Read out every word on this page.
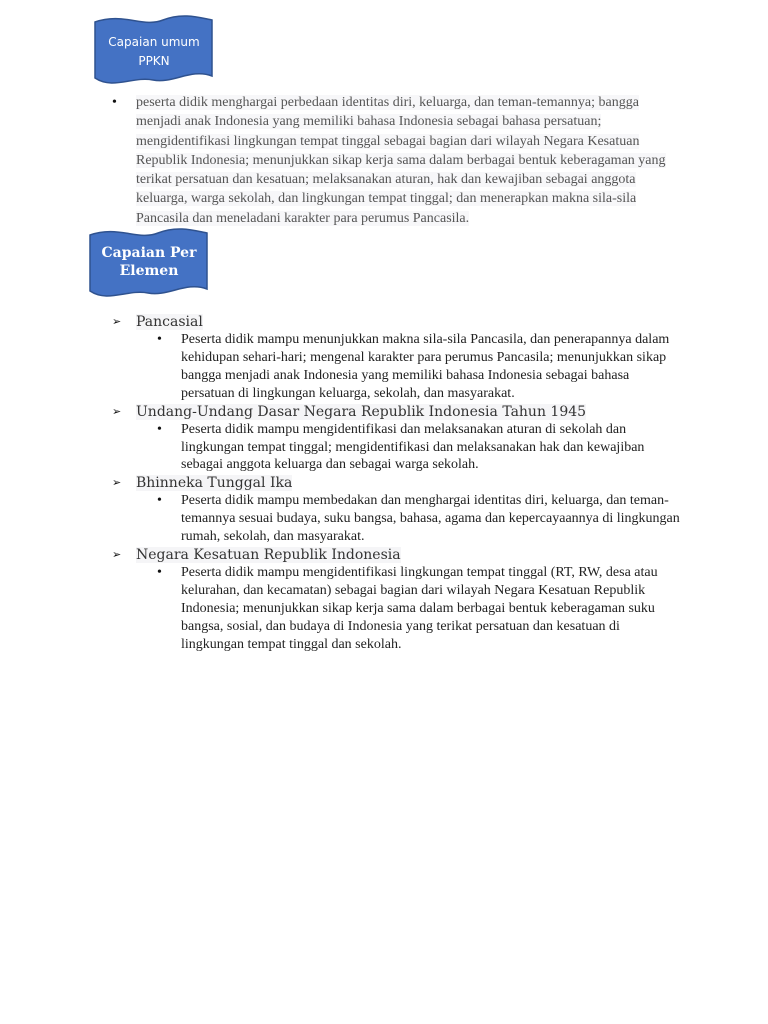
Capaian umum PPKN
• peserta didik menghargai perbedaan identitas diri, keluarga, dan teman-temannya; bangga menjadi anak Indonesia yang memiliki bahasa Indonesia sebagai bahasa persatuan; mengidentifikasi lingkungan tempat tinggal sebagai bagian dari wilayah Negara Kesatuan Republik Indonesia; menunjukkan sikap kerja sama dalam berbagai bentuk keberagaman yang terikat persatuan dan kesatuan; melaksanakan aturan, hak dan kewajiban sebagai anggota keluarga, warga sekolah, dan lingkungan tempat tinggal; dan menerapkan makna sila-sila Pancasila dan meneladani karakter para perumus Pancasila.
Capaian Per Elemen
➢ Pancasial
• Peserta didik mampu menunjukkan makna sila-sila Pancasila, dan penerapannya dalam kehidupan sehari-hari; mengenal karakter para perumus Pancasila; menunjukkan sikap bangga menjadi anak Indonesia yang memiliki bahasa Indonesia sebagai bahasa persatuan di lingkungan keluarga, sekolah, dan masyarakat.
➢ Undang-Undang Dasar Negara Republik Indonesia Tahun 1945
• Peserta didik mampu mengidentifikasi dan melaksanakan aturan di sekolah dan lingkungan tempat tinggal; mengidentifikasi dan melaksanakan hak dan kewajiban sebagai anggota keluarga dan sebagai warga sekolah.
➢ Bhinneka Tunggal Ika
• Peserta didik mampu membedakan dan menghargai identitas diri, keluarga, dan teman-temannya sesuai budaya, suku bangsa, bahasa, agama dan kepercayaannya di lingkungan rumah, sekolah, dan masyarakat.
➢ Negara Kesatuan Republik Indonesia
• Peserta didik mampu mengidentifikasi lingkungan tempat tinggal (RT, RW, desa atau kelurahan, dan kecamatan) sebagai bagian dari wilayah Negara Kesatuan Republik Indonesia; menunjukkan sikap kerja sama dalam berbagai bentuk keberagaman suku bangsa, sosial, dan budaya di Indonesia yang terikat persatuan dan kesatuan di lingkungan tempat tinggal dan sekolah.
